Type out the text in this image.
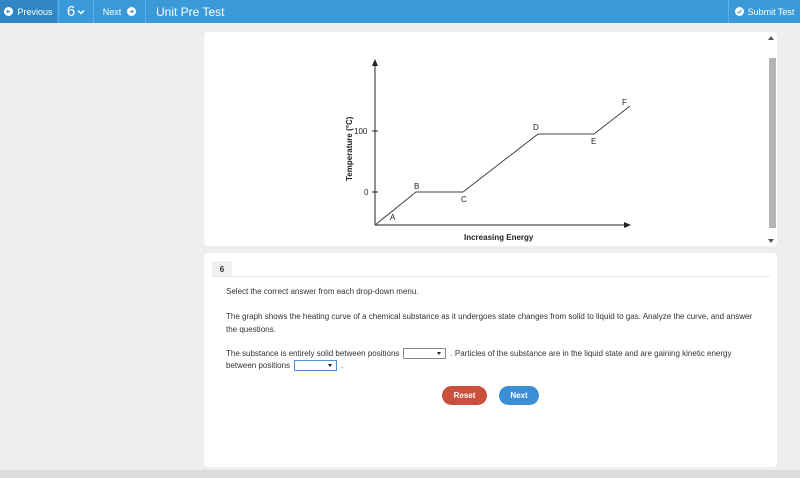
Previous 6	Next	Unit Pre Test	Submit Test
100
0
A
B
C
D
E
F
Increasing Energy
Temperature (°C)
6
Select the correct answer from each drop-down menu.
The graph shows the heating curve of a chemical substance as it undergoes state changes from solid to liquid to gas. Analyze the curve, and answer the questions.
The substance is entirely solid between positions	. Particles of the substance are in the liquid state and are gaining kinetic energy
between positions	.
Reset	Next
